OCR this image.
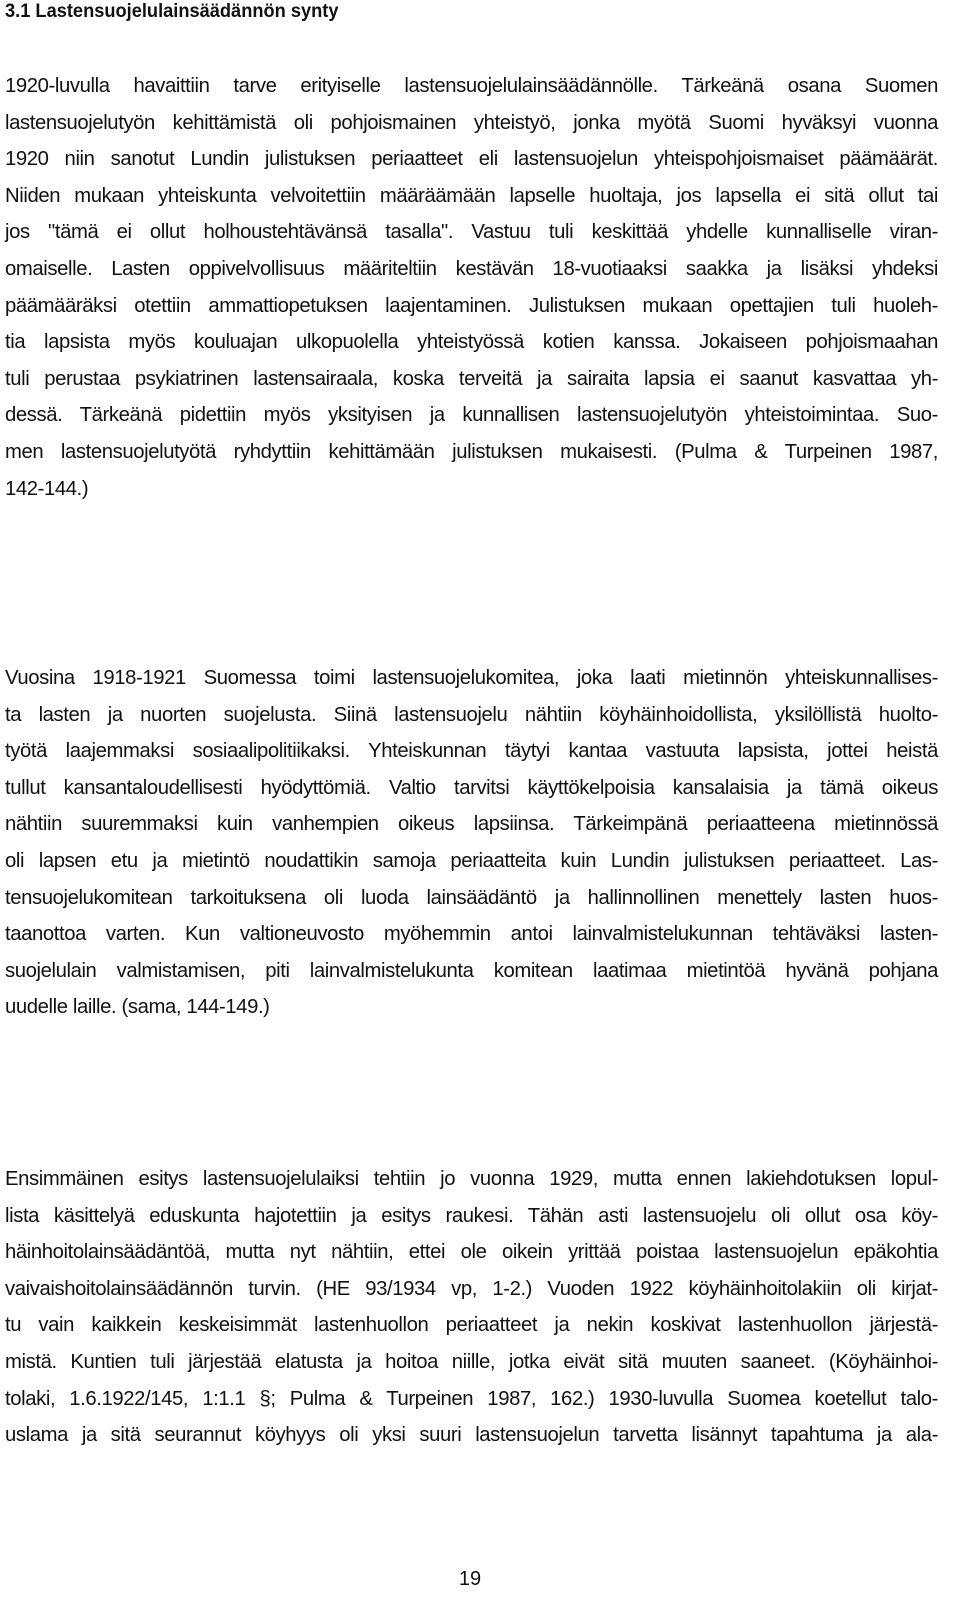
3.1 Lastensuojelulainsäädännön synty
1920-luvulla havaittiin tarve erityiselle lastensuojelulainsäädännölle. Tärkeänä osana Suomen
lastensuojelutyön kehittämistä oli pohjoismainen yhteistyö, jonka myötä Suomi hyväksyi vuonna
1920 niin sanotut Lundin julistuksen periaatteet eli lastensuojelun yhteispohjoismaiset päämäärät.
Niiden mukaan yhteiskunta velvoitettiin määräämään lapselle huoltaja, jos lapsella ei sitä ollut tai
jos "tämä ei ollut holhoustehtävänsä tasalla". Vastuu tuli keskittää yhdelle kunnalliselle viran-
omaiselle. Lasten oppivelvollisuus määriteltiin kestävän 18-vuotiaaksi saakka ja lisäksi yhdeksi
päämääräksi otettiin ammattiopetuksen laajentaminen. Julistuksen mukaan opettajien tuli huoleh-
tia lapsista myös kouluajan ulkopuolella yhteistyössä kotien kanssa. Jokaiseen pohjoismaahan
tuli perustaa psykiatrinen lastensairaala, koska terveitä ja sairaita lapsia ei saanut kasvattaa yh-
dessä. Tärkeänä pidettiin myös yksityisen ja kunnallisen lastensuojelutyön yhteistoimintaa. Suo-
men lastensuojelutyötä ryhdyttiin kehittämään julistuksen mukaisesti. (Pulma & Turpeinen 1987,
142-144.)
Vuosina 1918-1921 Suomessa toimi lastensuojelukomitea, joka laati mietinnön yhteiskunnallises-
ta lasten ja nuorten suojelusta. Siinä lastensuojelu nähtiin köyhäinhoidollista, yksilöllistä huolto-
työtä laajemmaksi sosiaalipolitiikaksi. Yhteiskunnan täytyi kantaa vastuuta lapsista, jottei heistä
tullut kansantaloudellisesti hyödyttömiä. Valtio tarvitsi käyttökelpoisia kansalaisia ja tämä oikeus
nähtiin suuremmaksi kuin vanhempien oikeus lapsiinsa. Tärkeimpänä periaatteena mietinnössä
oli lapsen etu ja mietintö noudattikin samoja periaatteita kuin Lundin julistuksen periaatteet. Las-
tensuojelukomitean tarkoituksena oli luoda lainsäädäntö ja hallinnollinen menettely lasten huos-
taanottoa varten. Kun valtioneuvosto myöhemmin antoi lainvalmistelukunnan tehtäväksi lasten-
suojelulain valmistamisen, piti lainvalmistelukunta komitean laatimaa mietintöä hyvänä pohjana
uudelle laille. (sama, 144-149.)
Ensimmäinen esitys lastensuojelulaiksi tehtiin jo vuonna 1929, mutta ennen lakiehdotuksen lopul-
lista käsittelyä eduskunta hajotettiin ja esitys raukesi. Tähän asti lastensuojelu oli ollut osa köy-
häinhoitolainsäädäntöä, mutta nyt nähtiin, ettei ole oikein yrittää poistaa lastensuojelun epäkohtia
vaivaishoitolainsäädännön turvin. (HE 93/1934 vp, 1-2.) Vuoden 1922 köyhäinhoitolakiin oli kirjat-
tu vain kaikkein keskeisimmät lastenhuollon periaatteet ja nekin koskivat lastenhuollon järjestä-
mistä. Kuntien tuli järjestää elatusta ja hoitoa niille, jotka eivät sitä muuten saaneet. (Köyhäinhoi-
tolaki, 1.6.1922/145, 1:1.1 §; Pulma & Turpeinen 1987, 162.) 1930-luvulla Suomea koetellut talo-
uslama ja sitä seurannut köyhyys oli yksi suuri lastensuojelun tarvetta lisännyt tapahtuma ja ala-
19
